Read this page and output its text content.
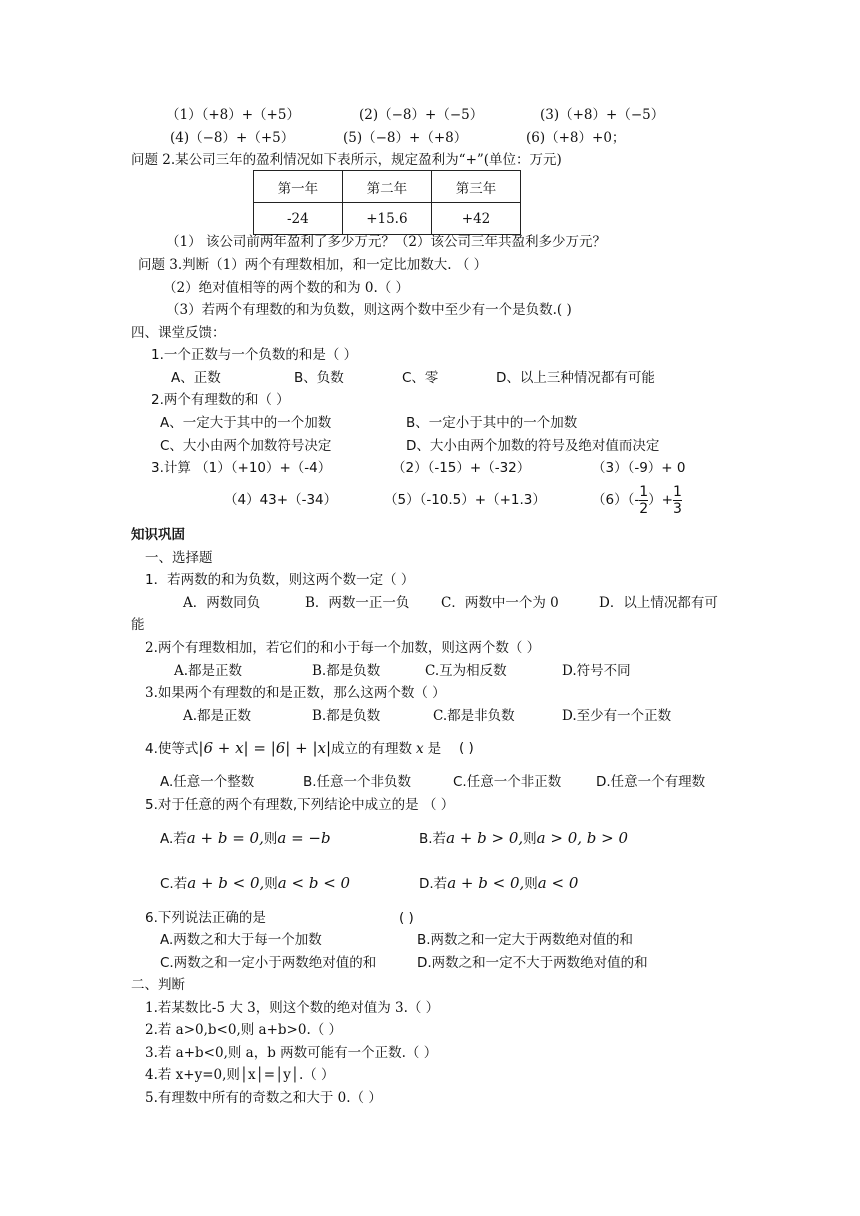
（1）（+8）+（+5）	(2)（−8）+（−5）	(3)（+8）+（−5）
(4)（−8）+（+5）	(5)（−8）+（+8）	(6)（+8）+0；
问题 2.某公司三年的盈利情况如下表所示，规定盈利为“+”(单位：万元)
第一年	第二年	第三年
-24	+15.6	+42
（1） 该公司前两年盈利了多少万元？（2）该公司三年共盈利多少万元？
问题 3.判断（1）两个有理数相加，和一定比加数大. （ ）
（2）绝对值相等的两个数的和为 0.（ ）
（3）若两个有理数的和为负数，则这两个数中至少有一个是负数.( )
四、课堂反馈：
1.一个正数与一个负数的和是（ ）
A、正数	B、负数	C、零	D、以上三种情况都有可能
2.两个有理数的和（ ）
A、一定大于其中的一个加数	B、一定小于其中的一个加数
C、大小由两个加数符号决定	D、大小由两个加数的符号及绝对值而决定
3.计算 （1）（+10）+（-4）	（2）（-15）+（-32）	（3）（-9）+ 0
（4）43+（-34）	（5）（-10.5）+（+1.3）	$(6)(- \frac{1}{2}$ ）+ $\frac{1}{3}$
知识巩固
一、选择题
1．若两数的和为负数，则这两个数一定（ ）
A．两数同负	B．两数一正一负 C．两数中一个为 0	D．以上情况都有可
能
2.两个有理数相加，若它们的和小于每一个加数，则这两个数（ ）
A.都是正数	B.都是负数	C.互为相反数	D.符号不同
3.如果两个有理数的和是正数，那么这两个数（ ）
A.都是正数	B.都是负数	C.都是非负数	D.至少有一个正数
4.使等式|6 + x| = |6| + |x|成立的有理数 x 是 ( )
A.任意一个整数	B.任意一个非负数	C.任意一个非正数	D.任意一个有理数
5.对于任意的两个有理数,下列结论中成立的是 （ ）
A.若a + b = 0,则a = −b	B.若a + b > 0,则a > 0, b > 0
C.若a + b < 0,则a < b < 0	D.若a + b < 0,则a < 0
6.下列说法正确的是	( )
A.两数之和大于每一个加数	B.两数之和一定大于两数绝对值的和
C.两数之和一定小于两数绝对值的和	D.两数之和一定不大于两数绝对值的和
二、判断
1.若某数比-5 大 3，则这个数的绝对值为 3.（ ）
2.若 a>0,b<0,则 a+b>0.（ ）
3.若 a+b<0,则 a，b 两数可能有一个正数.（ ）
4.若 x+y=0,则│x│=│y│.（ ）
5.有理数中所有的奇数之和大于 0.（ ）
